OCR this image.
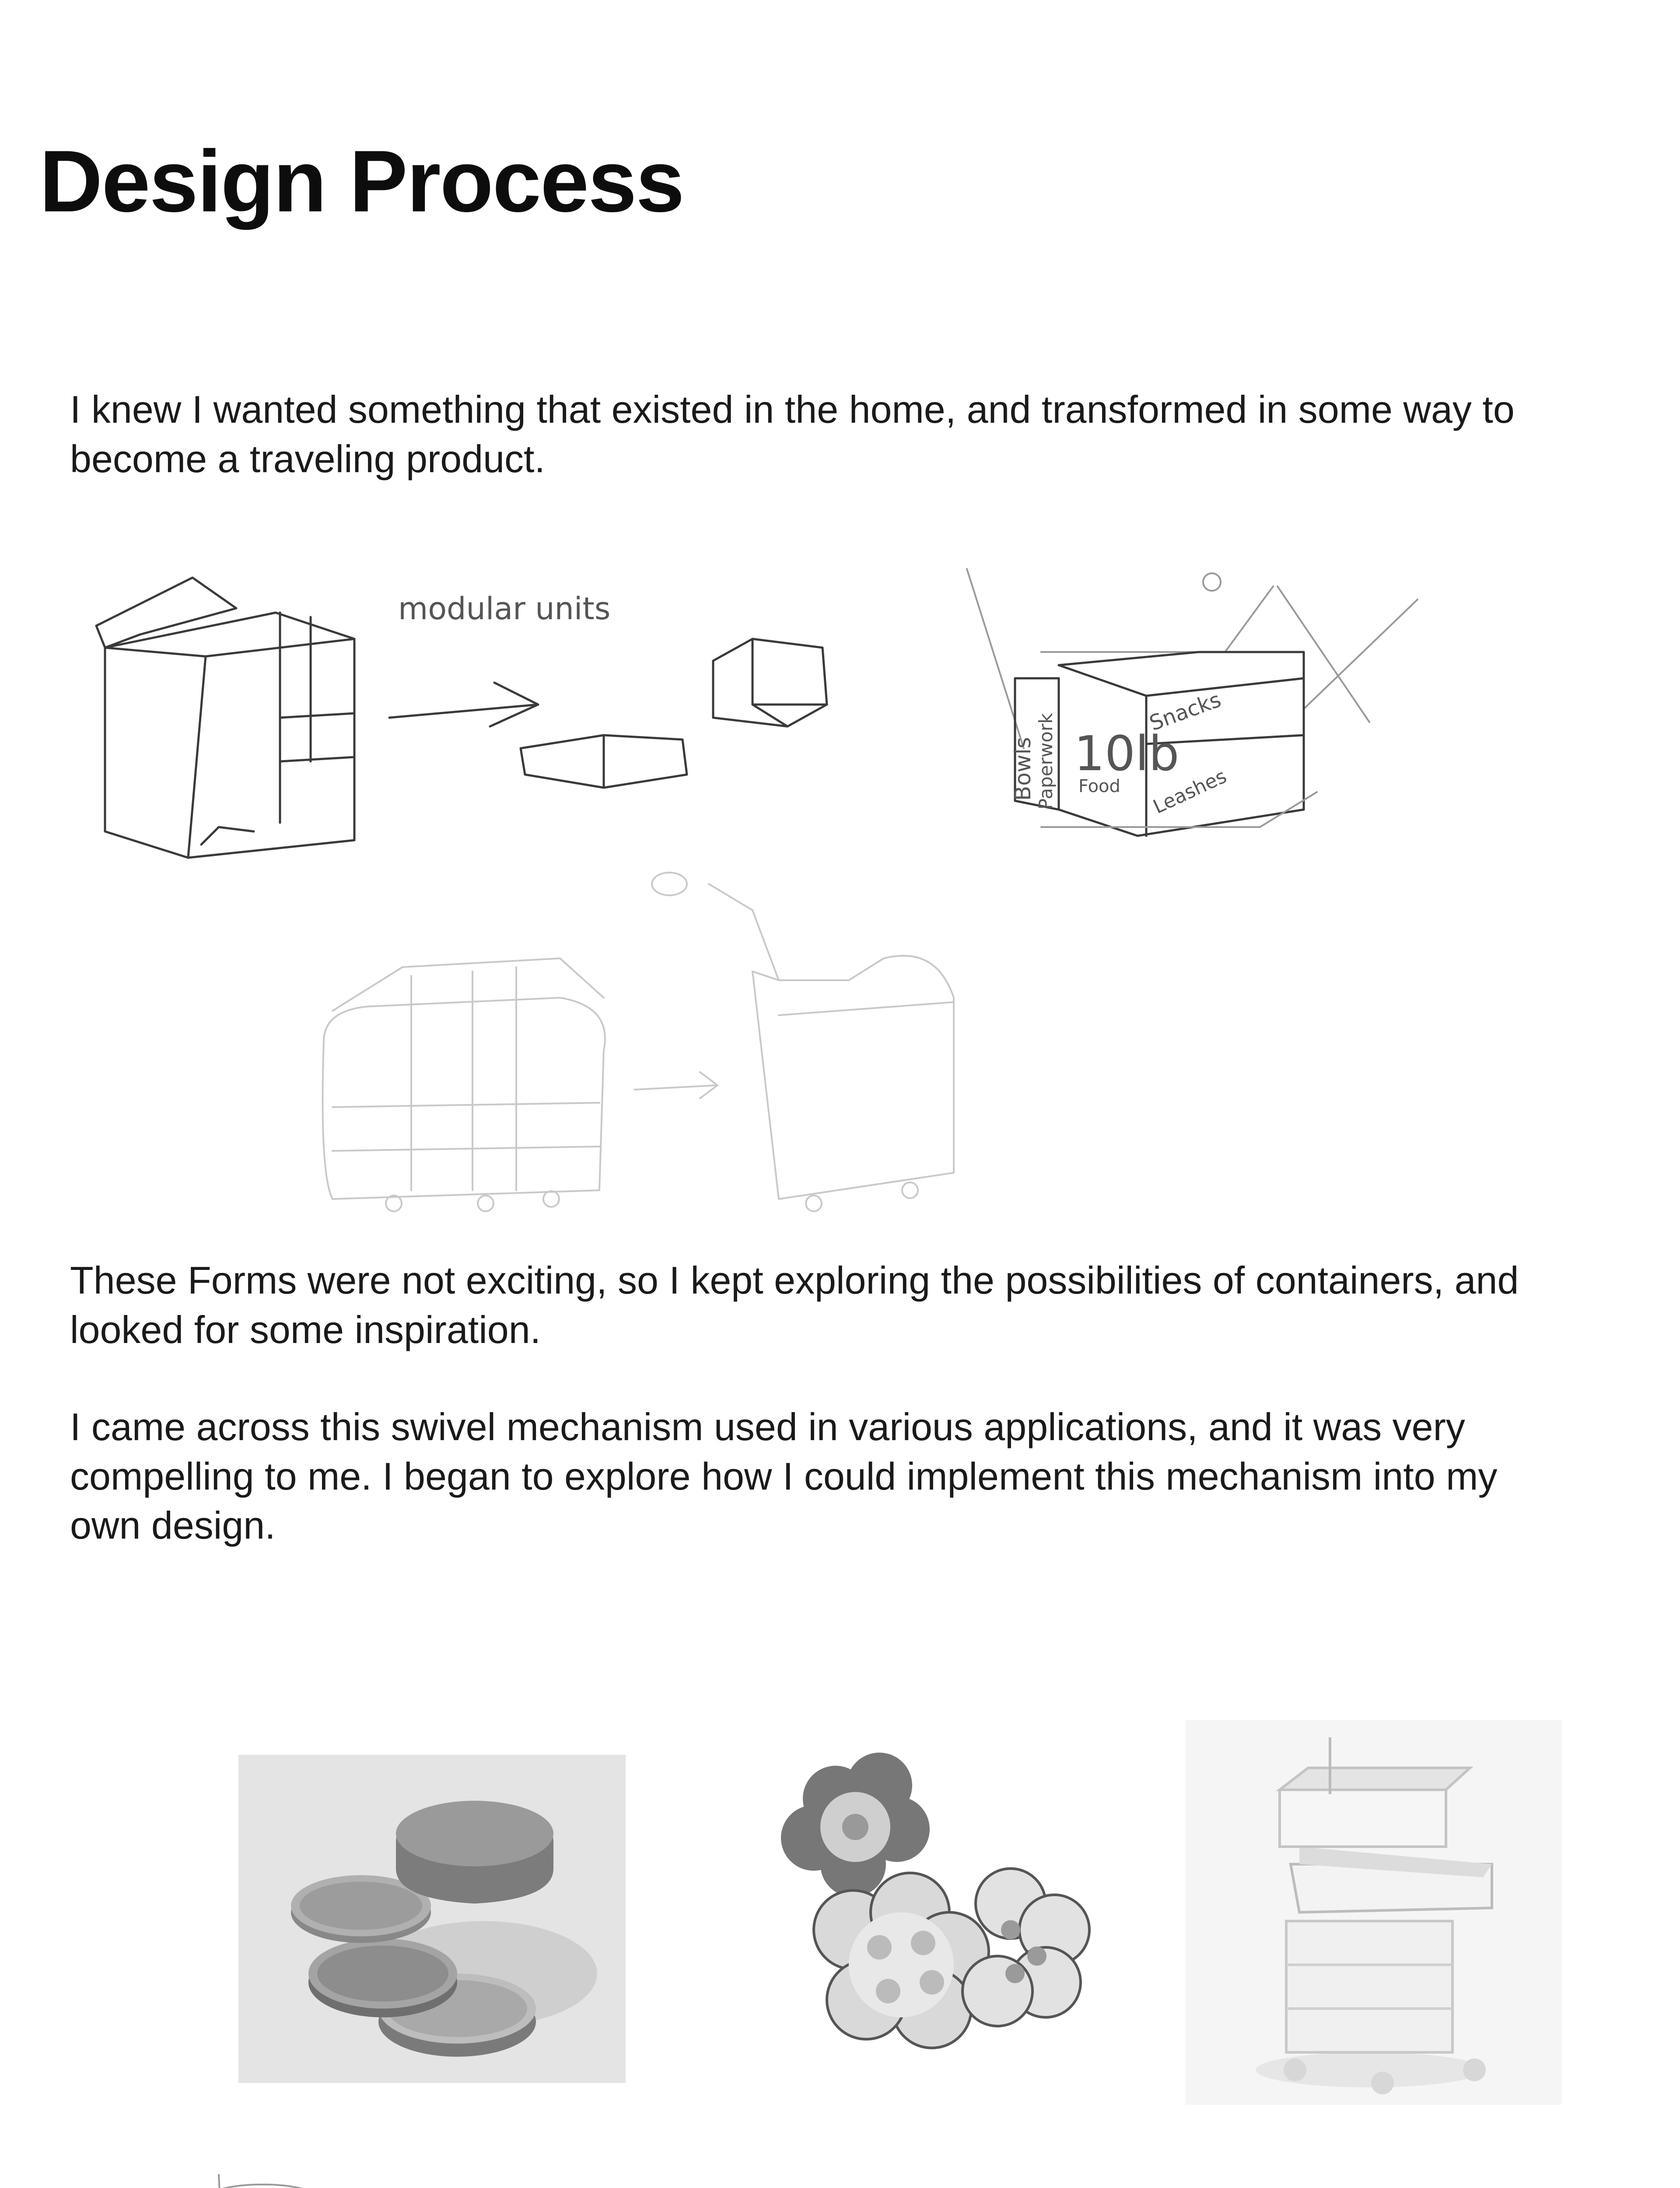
Design Process

I knew I wanted something that existed in the home, and transformed in some way to become a traveling product.

modular units
Bowls Paperwork 10lb
Food
Snacks
Leashes

These Forms were not exciting, so I kept exploring the possibilities of containers, and looked for some inspiration.

I came across this swivel mechanism used in various applications, and it was very compelling to me. I began to explore how I could implement this mechanism into my own design.
